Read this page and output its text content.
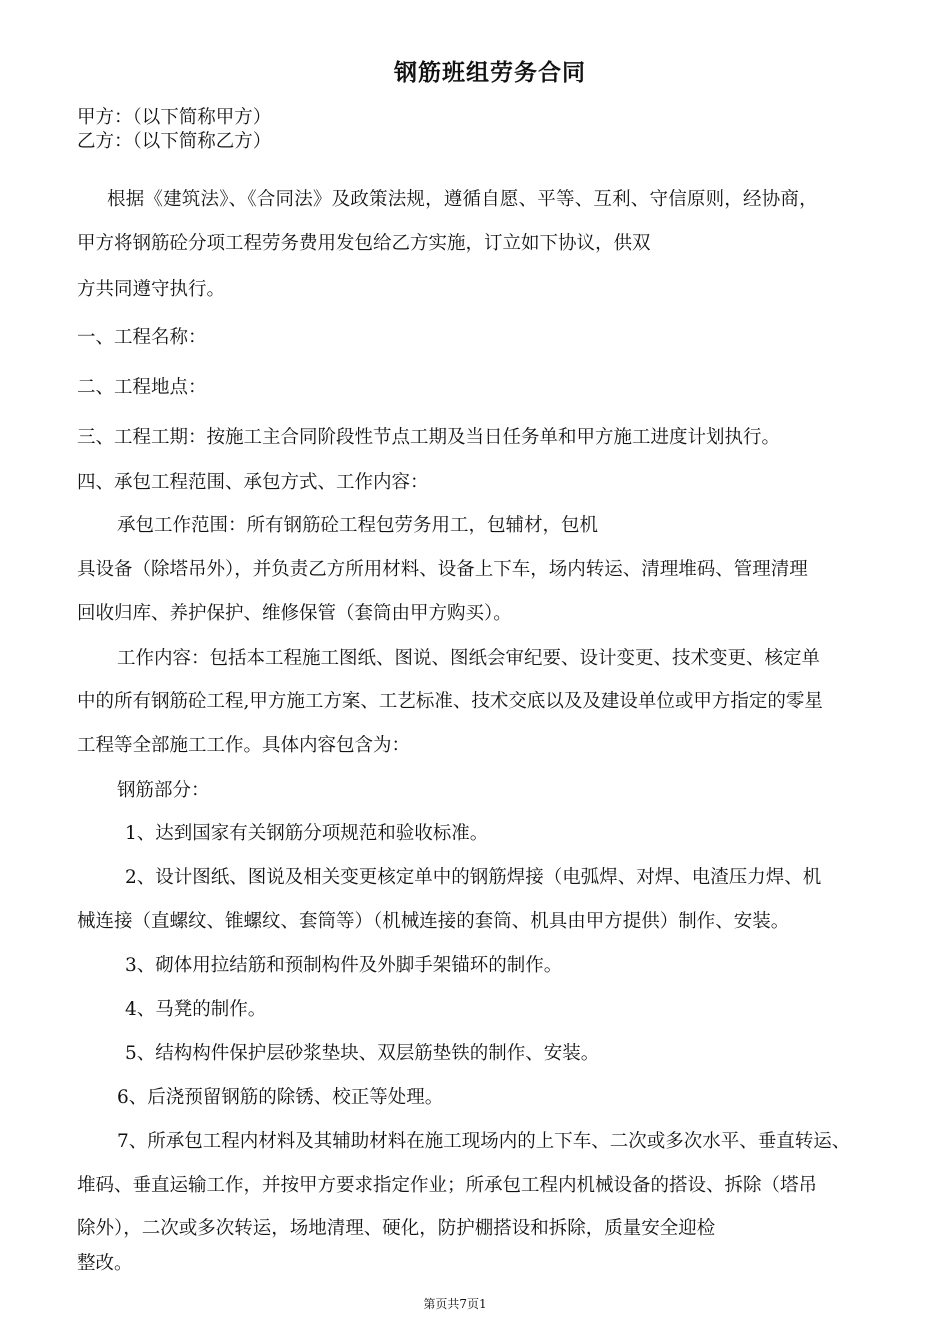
钢筋班组劳务合同
甲方：（以下简称甲方）
乙方：（以下简称乙方）
根据《建筑法》、《合同法》及政策法规，遵循自愿、平等、互利、守信原则，经协商，
甲方将钢筋砼分项工程劳务费用发包给乙方实施，订立如下协议，供双
方共同遵守执行。
一、工程名称：
二、工程地点：
三、工程工期：按施工主合同阶段性节点工期及当日任务单和甲方施工进度计划执行。
四、承包工程范围、承包方式、工作内容：
承包工作范围：所有钢筋砼工程包劳务用工，包辅材，包机
具设备（除塔吊外），并负责乙方所用材料、设备上下车，场内转运、清理堆码、管理清理
回收归库、养护保护、维修保管（套筒由甲方购买）。
工作内容：包括本工程施工图纸、图说、图纸会审纪要、设计变更、技术变更、核定单
中的所有钢筋砼工程,甲方施工方案、工艺标准、技术交底以及及建设单位或甲方指定的零星
工程等全部施工工作。具体内容包含为：
钢筋部分：
1、达到国家有关钢筋分项规范和验收标准。
2、设计图纸、图说及相关变更核定单中的钢筋焊接（电弧焊、对焊、电渣压力焊、机
械连接（直螺纹、锥螺纹、套筒等）（机械连接的套筒、机具由甲方提供）制作、安装。
3、砌体用拉结筋和预制构件及外脚手架锚环的制作。
4、马凳的制作。
5、结构构件保护层砂浆垫块、双层筋垫铁的制作、安装。
6、后浇预留钢筋的除锈、校正等处理。
7、所承包工程内材料及其辅助材料在施工现场内的上下车、二次或多次水平、垂直转运、
堆码、垂直运输工作，并按甲方要求指定作业；所承包工程内机械设备的搭设、拆除（塔吊
除外），二次或多次转运，场地清理、硬化，防护棚搭设和拆除，质量安全迎检
整改。
第页共7页1
